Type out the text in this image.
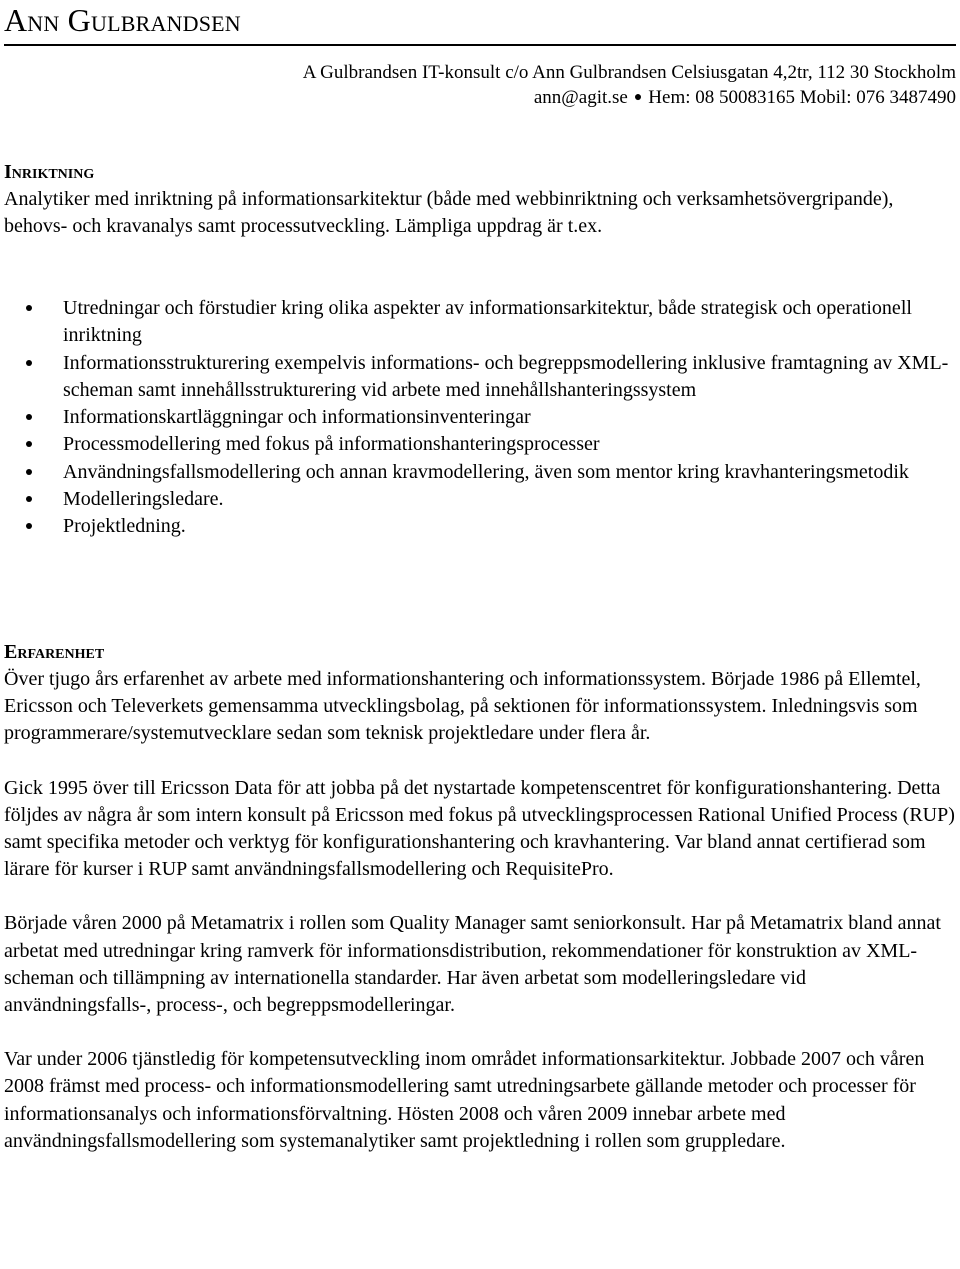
Ann Gulbrandsen
A Gulbrandsen IT-konsult c/o Ann Gulbrandsen Celsiusgatan 4,2tr, 112 30 Stockholm
ann@agit.se ● Hem: 08 50083165 Mobil: 076 3487490
Inriktning

Analytiker med inriktning på informationsarkitektur (både med webbinriktning och verksamhetsövergripande), behovs- och kravanalys samt processutveckling. Lämpliga uppdrag är t.ex.

Utredningar och förstudier kring olika aspekter av informationsarkitektur, både strategisk och operationell inriktning
Informationsstrukturering exempelvis informations- och begreppsmodellering inklusive framtagning av XML-scheman samt innehållsstrukturering vid arbete med innehållshanteringssystem
Informationskartläggningar och informationsinventeringar
Processmodellering med fokus på informationshanteringsprocesser
Användningsfallsmodellering och annan kravmodellering, även som mentor kring kravhanteringsmetodik
Modelleringsledare.
Projektledning.
Erfarenhet

Över tjugo års erfarenhet av arbete med informationshantering och informationssystem. Började 1986 på Ellemtel, Ericsson och Televerkets gemensamma utvecklingsbolag, på sektionen för informationssystem. Inledningsvis som programmerare/systemutvecklare sedan som teknisk projektledare under flera år.

Gick 1995 över till Ericsson Data för att jobba på det nystartade kompetenscentret för konfigurationshantering. Detta följdes av några år som intern konsult på Ericsson med fokus på utvecklingsprocessen Rational Unified Process (RUP) samt specifika metoder och verktyg för konfigurationshantering och kravhantering. Var bland annat certifierad som lärare för kurser i RUP samt användningsfallsmodellering och RequisitePro.

Började våren 2000 på Metamatrix i rollen som Quality Manager samt seniorkonsult. Har på Metamatrix bland annat arbetat med utredningar kring ramverk för informationsdistribution, rekommendationer för konstruktion av XML-scheman och tillämpning av internationella standarder. Har även arbetat som modelleringsledare vid användningsfalls-, process-, och begreppsmodelleringar.

Var under 2006 tjänstledig för kompetensutveckling inom området informationsarkitektur. Jobbade 2007 och våren 2008 främst med process- och informationsmodellering samt utredningsarbete gällande metoder och processer för informationsanalys och informationsförvaltning. Hösten 2008 och våren 2009 innebar arbete med användningsfallsmodellering som systemanalytiker samt projektledning i rollen som gruppledare.
